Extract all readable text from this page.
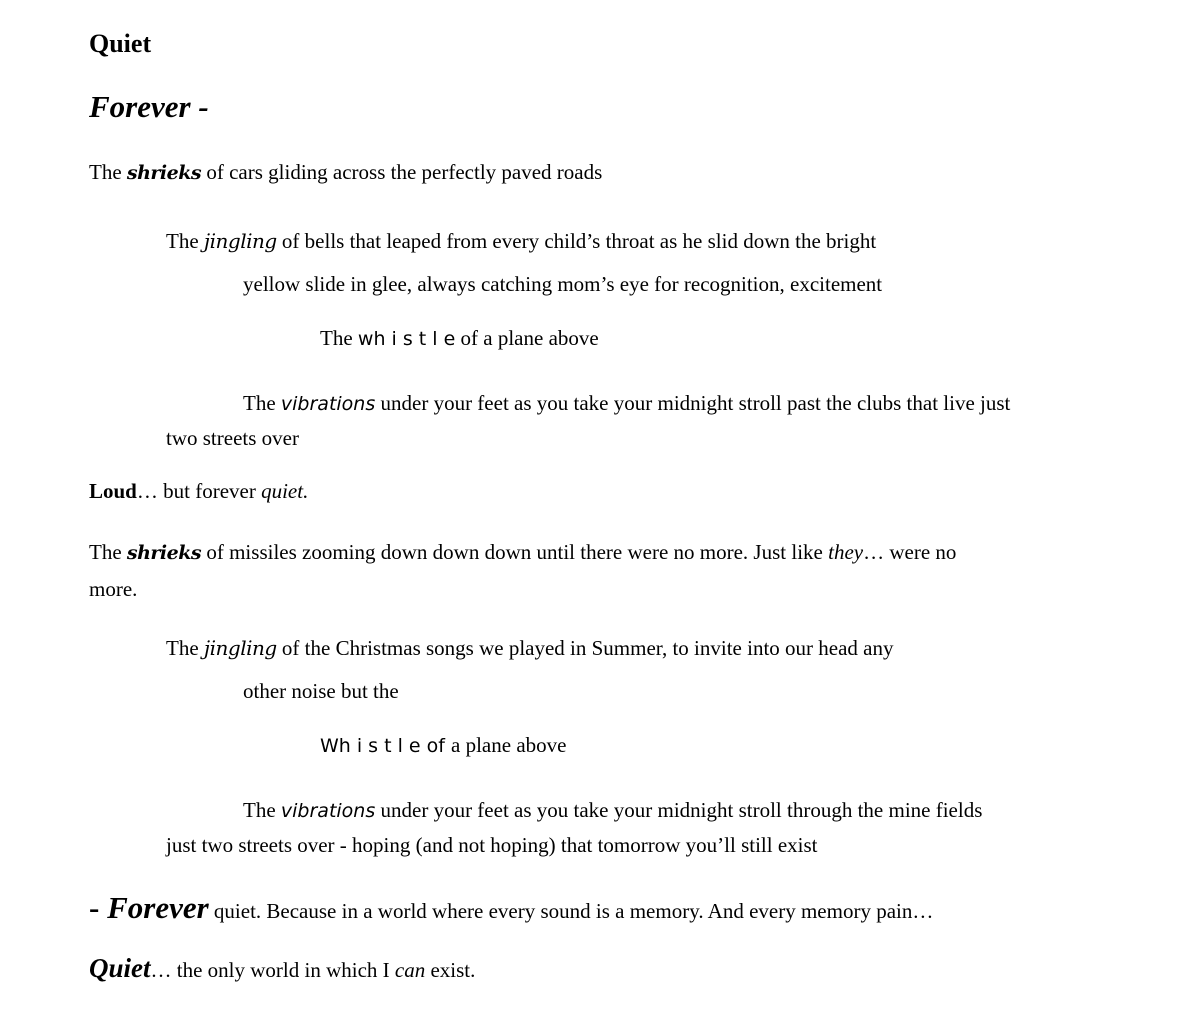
Quiet
Forever -
The shrieks of cars gliding across the perfectly paved roads
The jingling of bells that leaped from every child’s throat as he slid down the bright
yellow slide in glee, always catching mom’s eye for recognition, excitement
The wh i s t l e of a plane above
The vibrations under your feet as you take your midnight stroll past the clubs that live just
two streets over
Loud… but forever quiet.
The shrieks of missiles zooming down down down until there were no more. Just like they… were no
more.
The jingling of the Christmas songs we played in Summer, to invite into our head any
other noise but the
Wh i s t l e of a plane above
The vibrations under your feet as you take your midnight stroll through the mine fields
just two streets over - hoping (and not hoping) that tomorrow you’ll still exist
- Forever quiet. Because in a world where every sound is a memory. And every memory pain…
Quiet… the only world in which I can exist.
